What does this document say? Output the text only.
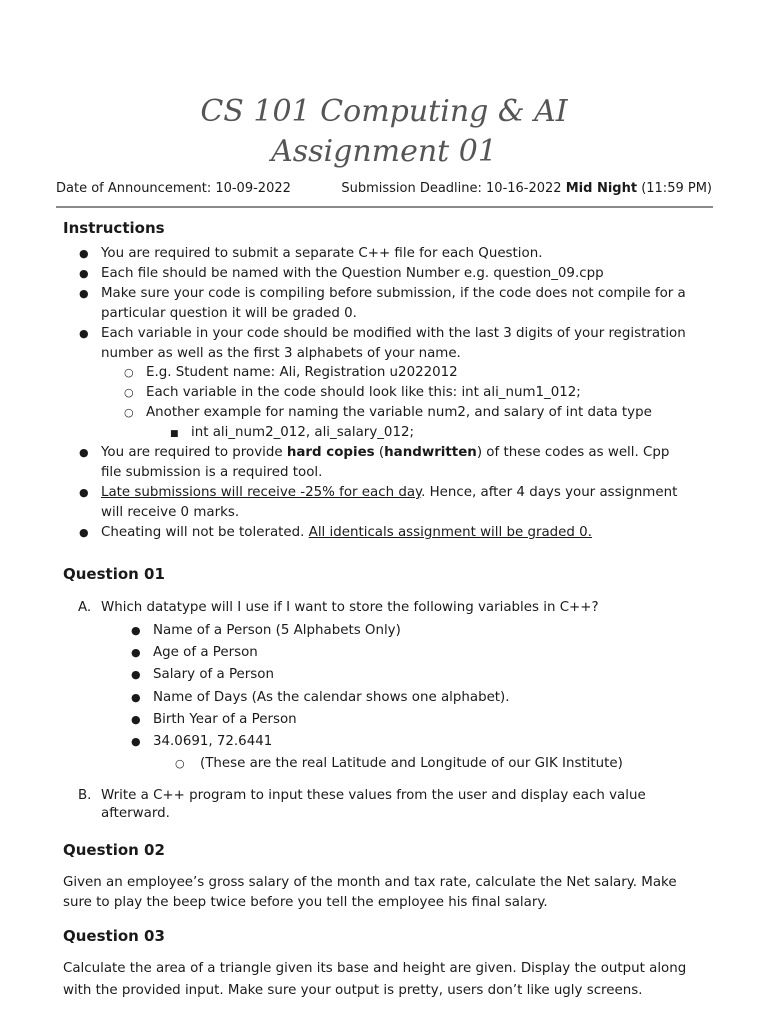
CS 101 Computing & AI
Assignment 01
Date of Announcement: 10-09-2022	Submission Deadline: 10-16-2022 Mid Night (11:59 PM)
Instructions
● You are required to submit a separate C++ file for each Question.
● Each file should be named with the Question Number e.g. question_09.cpp
● Make sure your code is compiling before submission, if the code does not compile for a
particular question it will be graded 0.
● Each variable in your code should be modified with the last 3 digits of your registration
number as well as the first 3 alphabets of your name.
○ E.g. Student name: Ali, Registration u2022012
○ Each variable in the code should look like this: int ali_num1_012;
○ Another example for naming the variable num2, and salary of int data type
■ int ali_num2_012, ali_salary_012;
● You are required to provide hard copies (handwritten) of these codes as well. Cpp
file submission is a required tool.
● Late submissions will receive -25% for each day. Hence, after 4 days your assignment
will receive 0 marks.
● Cheating will not be tolerated. All identicals assignment will be graded 0.
Question 01
A. Which datatype will I use if I want to store the following variables in C++?
● Name of a Person (5 Alphabets Only)
● Age of a Person
● Salary of a Person
● Name of Days (As the calendar shows one alphabet).
● Birth Year of a Person
● 34.0691, 72.6441
○ (These are the real Latitude and Longitude of our GIK Institute)
B. Write a C++ program to input these values from the user and display each value
afterward.
Question 02
Given an employee’s gross salary of the month and tax rate, calculate the Net salary. Make
sure to play the beep twice before you tell the employee his final salary.
Question 03
Calculate the area of a triangle given its base and height are given. Display the output along
with the provided input. Make sure your output is pretty, users don’t like ugly screens.
